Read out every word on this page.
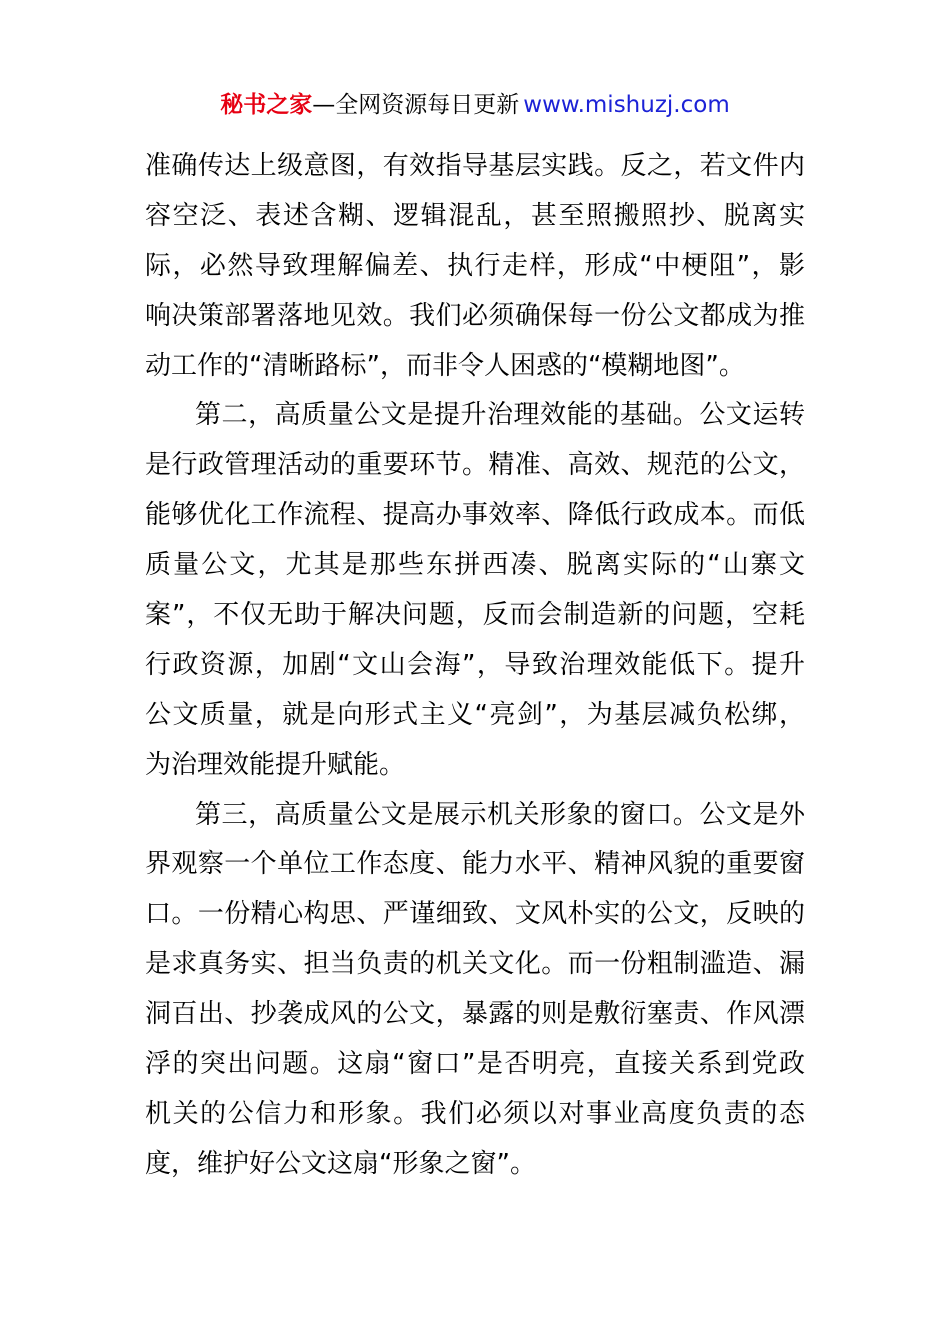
秘书之家—全网资源每日更新 www.mishuzj.com
准确传达上级意图，有效指导基层实践。反之，若文件内
容空泛、表述含糊、逻辑混乱，甚至照搬照抄、脱离实
际，必然导致理解偏差、执行走样，形成“中梗阻”，影
响决策部署落地见效。我们必须确保每一份公文都成为推
动工作的“清晰路标”，而非令人困惑的“模糊地图”。
第二，高质量公文是提升治理效能的基础。公文运转
是行政管理活动的重要环节。精准、高效、规范的公文，
能够优化工作流程、提高办事效率、降低行政成本。而低
质量公文，尤其是那些东拼西凑、脱离实际的“山寨文
案”，不仅无助于解决问题，反而会制造新的问题，空耗
行政资源，加剧“文山会海”，导致治理效能低下。提升
公文质量，就是向形式主义“亮剑”，为基层减负松绑，
为治理效能提升赋能。
第三，高质量公文是展示机关形象的窗口。公文是外
界观察一个单位工作态度、能力水平、精神风貌的重要窗
口。一份精心构思、严谨细致、文风朴实的公文，反映的
是求真务实、担当负责的机关文化。而一份粗制滥造、漏
洞百出、抄袭成风的公文，暴露的则是敷衍塞责、作风漂
浮的突出问题。这扇“窗口”是否明亮，直接关系到党政
机关的公信力和形象。我们必须以对事业高度负责的态
度，维护好公文这扇“形象之窗”。
